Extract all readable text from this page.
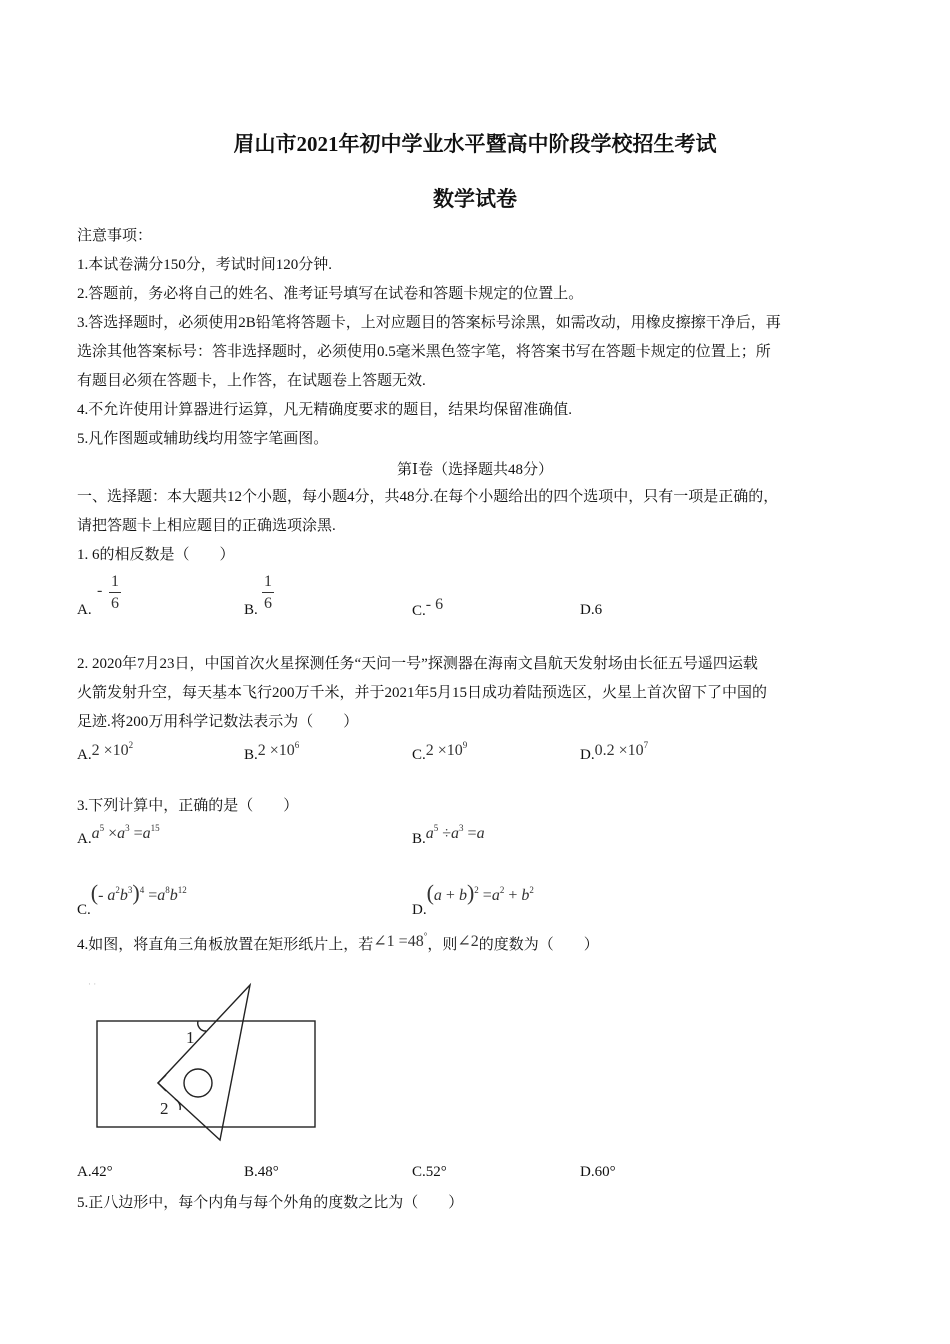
眉山市2021年初中学业水平暨高中阶段学校招生考试
数学试卷
注意事项：
1.本试卷满分150分，考试时间120分钟.
2.答题前，务必将自己的姓名、准考证号填写在试卷和答题卡规定的位置上。
3.答选择题时，必须使用2B铅笔将答题卡，上对应题目的答案标号涂黑，如需改动，用橡皮擦擦干净后，再
选涂其他答案标号：答非选择题时，必须使用0.5毫米黑色签字笔，将答案书写在答题卡规定的位置上；所
有题目必须在答题卡，上作答，在试题卷上答题无效.
4.不允许使用计算器进行运算，凡无精确度要求的题目，结果均保留准确值.
5.凡作图题或辅助线均用签字笔画图。
第Ⅰ卷（选择题共48分）
一、选择题：本大题共12个小题，每小题4分，共48分.在每个小题给出的四个选项中，只有一项是正确的，
请把答题卡上相应题目的正确选项涂黑.
1. 6的相反数是（　　）
A.
- $\frac{1}{6}$	B. $\frac{1}{6}$	C.- 6	D.6
2. 2020年7月23日，中国首次火星探测任务“天问一号”探测器在海南文昌航天发射场由长征五号遥四运载
火箭发射升空，每天基本飞行200万千米，并于2021年5月15日成功着陆预选区，火星上首次留下了中国的
足迹.将200万用科学记数法表示为（　　）
$A.2 \times 10^2$
$B.2 \times 10^6$
$C.2 \times 10^9$
$D.0.2 \times 10^7$
3.下列计算中，正确的是（　　）
$A.a^5 \times a^3 =a^{15}$
$B.a^5 \div a^3 =a$
C.(- $a^2b^3)^4 =a^8b^{12}$
$D.(a + b)^2 =a^2 + b^2$
4.如图，将直角三角板放置在矩形纸片上，若∠1 =48°，则∠2的度数为（　　）
1
2
· ·
A.42°	B.48°	C.52°	D.60°
5.正八边形中，每个内角与每个外角的度数之比为（　　）
